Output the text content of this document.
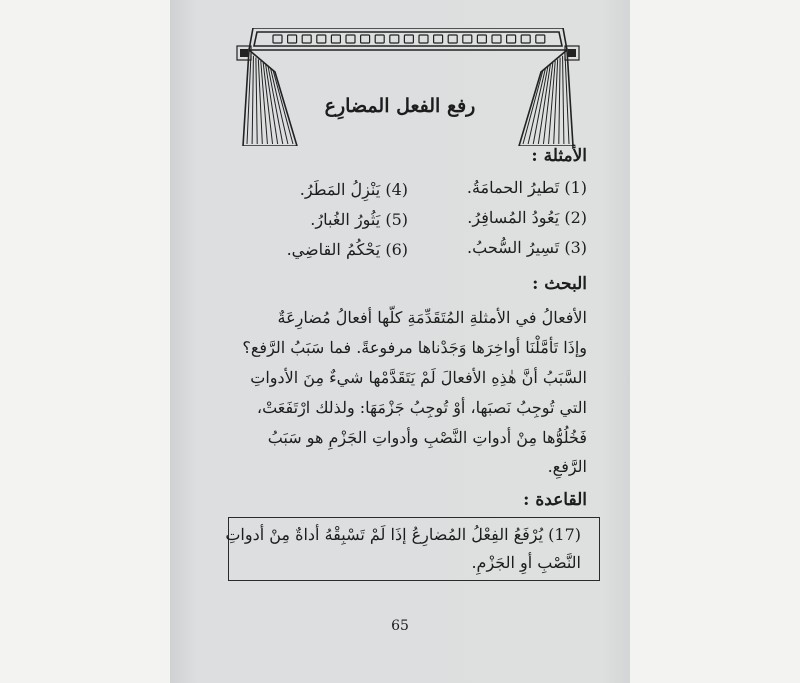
رفع الفعل المضارِع
الأمثلة :
(1) تَطيرُ الحمامَةُ.
(2) يَعُودُ المُسافِرُ.
(3) تَسِيرُ السُّحبُ.
(4) يَنْزِلُ المَطَرُ.
(5) يَثُورُ الغُبارُ.
(6) يَحْكُمُ القاضِي.
البحث :
الأفعالُ في الأمثلةِ المُتَقَدِّمَةِ كلّها أفعالُ مُضارِعَةٌ
وإذَا تَأمَّلْنَا أواخِرَها وَجَدْناها مرفوعةً. فما سَبَبُ الرَّفع؟
السَّبَبُ أنَّ هٰذِهِ الأفعالَ لَمْ يَتَقَدَّمْها شيءٌ مِنَ الأدواتِ
التي تُوجِبُ نَصبَها، أوْ تُوجِبُ جَزْمَهَا: ولذلك ارْتَفَعَتْ،
فَخُلُوُّها مِنْ أدواتِ النَّصْبِ وأدواتِ الجَزْمِ هو سَبَبُ
الرَّفعِ.
القاعدة :
(17) يُرْفَعُ الفِعْلُ المُضارِعُ إذَا لَمْ تَسْبِقْهُ أداةٌ مِنْ أدواتِ
النَّصْبِ أوِ الجَزْمِ.
65
